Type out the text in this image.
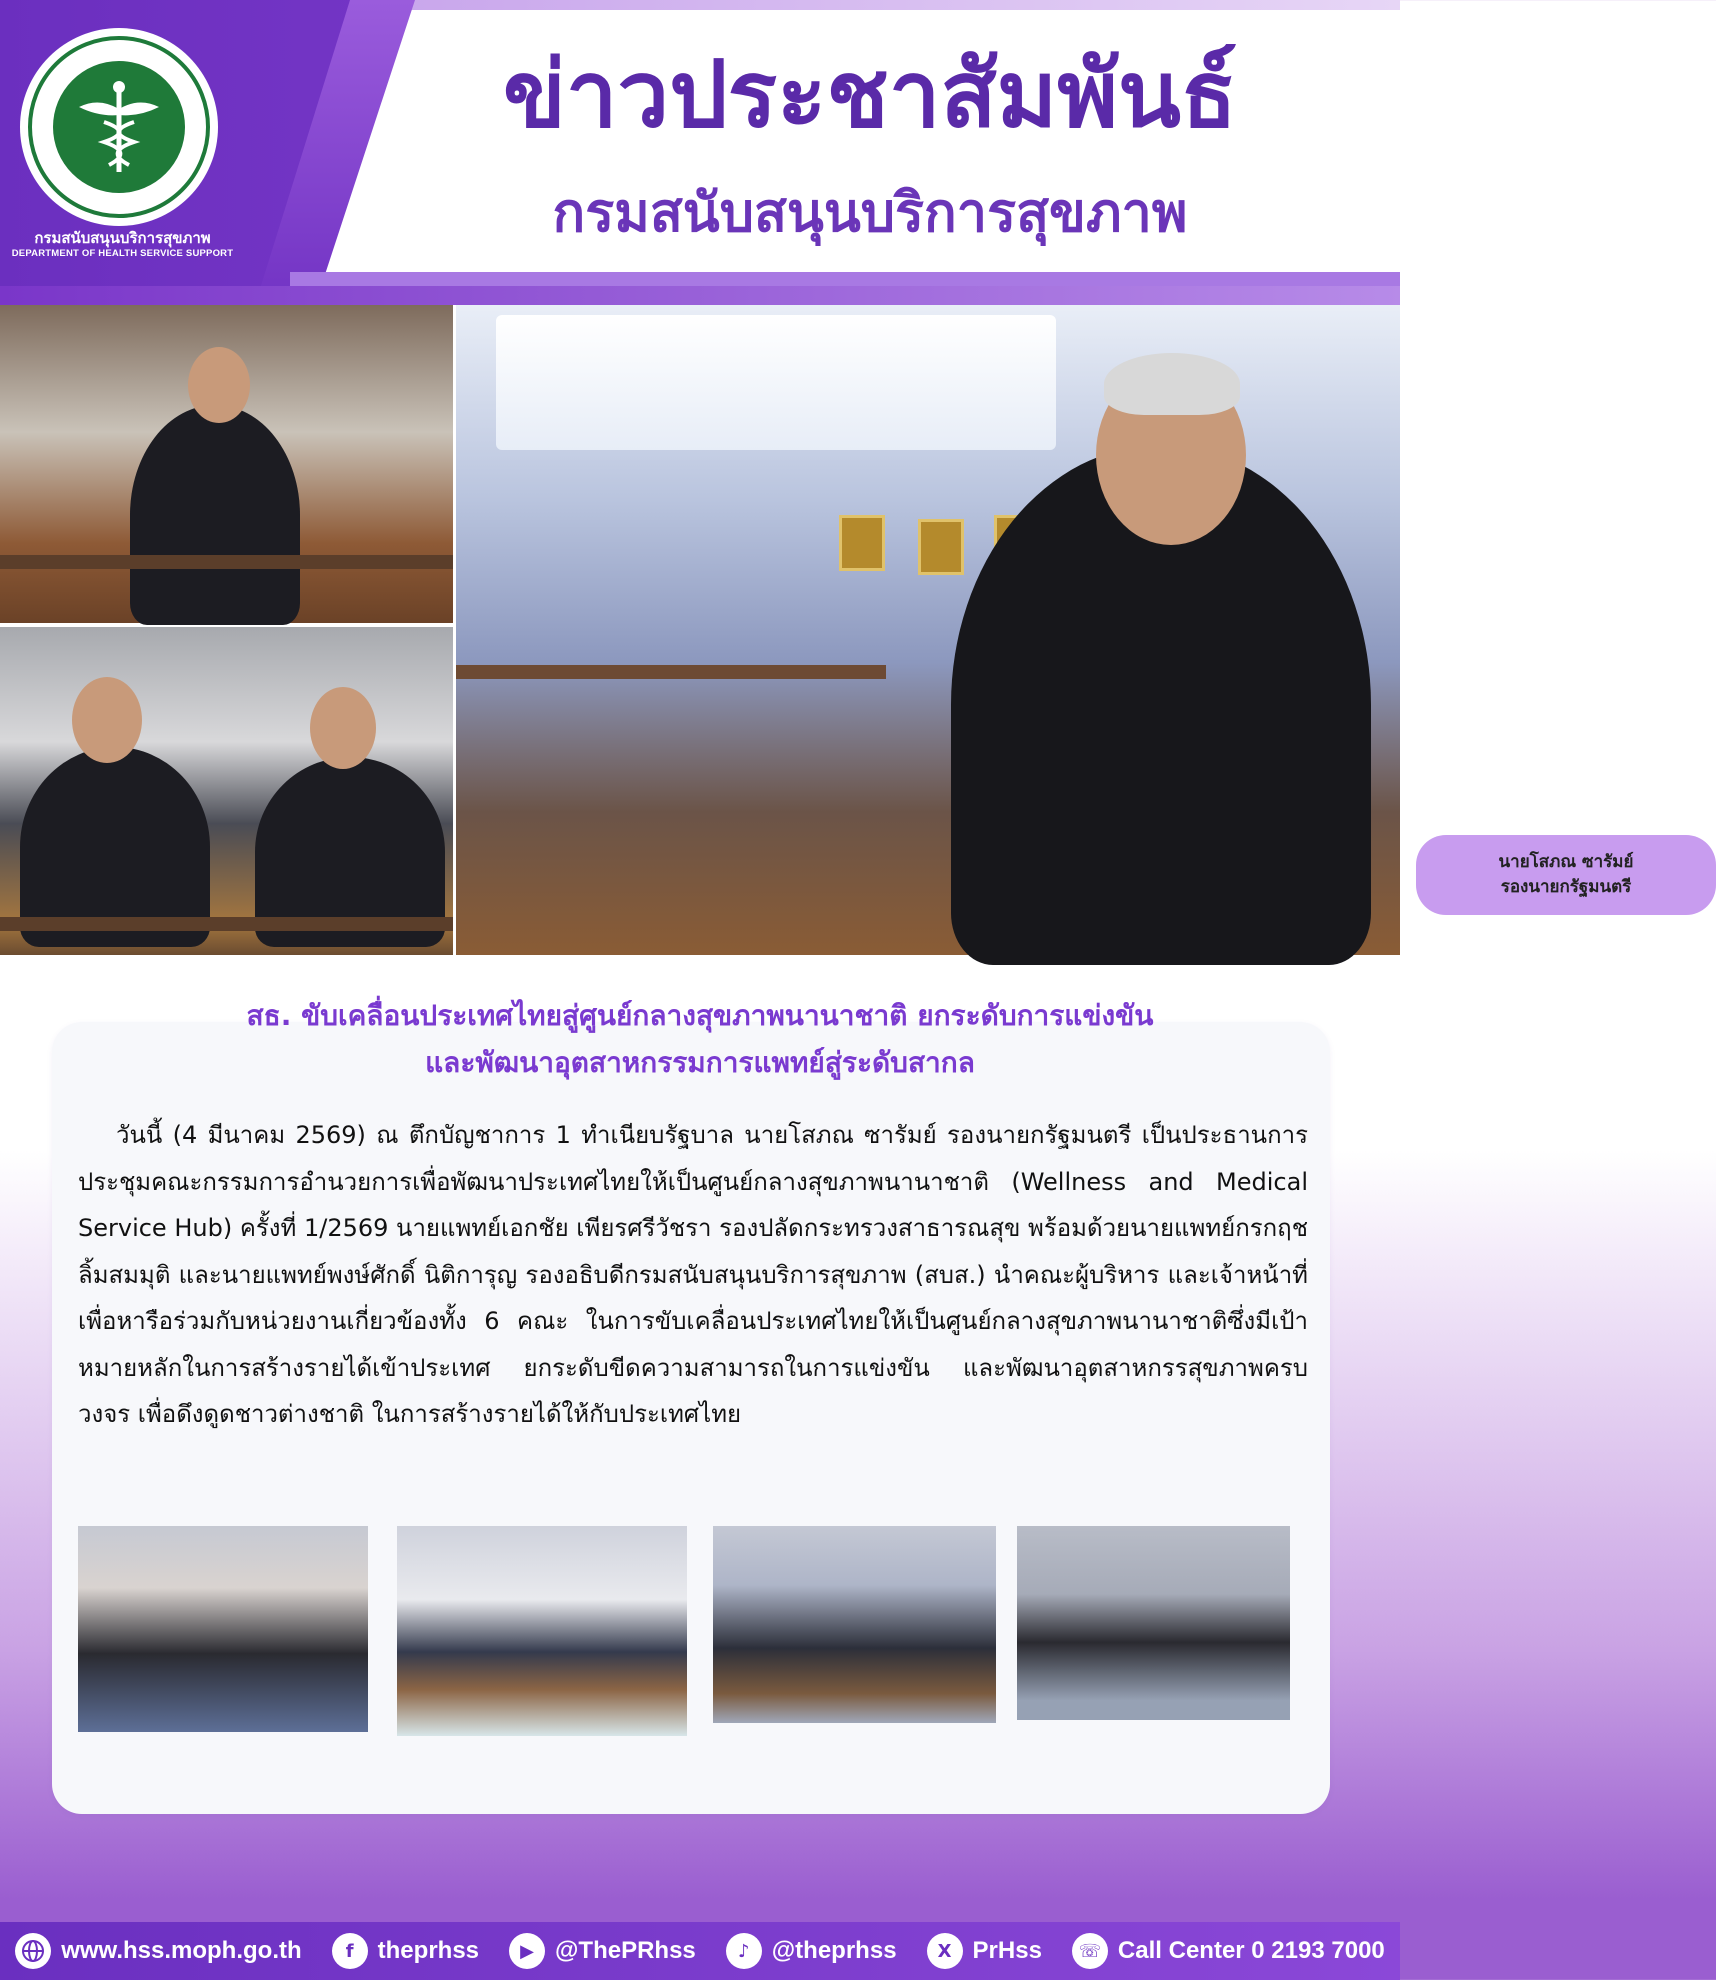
กรมสนับสนุนบริการสุขภาพ
DEPARTMENT OF HEALTH SERVICE SUPPORT
ข่าวประชาสัมพันธ์
กรมสนับสนุนบริการสุขภาพ
นายโสภณ ซารัมย์
รองนายกรัฐมนตรี
สธ. ขับเคลื่อนประเทศไทยสู่ศูนย์กลางสุขภาพนานาชาติ ยกระดับการแข่งขัน
และพัฒนาอุตสาหกรรมการแพทย์สู่ระดับสากล
วันนี้ (4 มีนาคม 2569) ณ ตึกบัญชาการ 1 ทำเนียบรัฐบาล นายโสภณ ซารัมย์ รองนายกรัฐมนตรี เป็นประธานการประชุมคณะกรรมการอำนวยการเพื่อพัฒนาประเทศไทยให้เป็นศูนย์กลางสุขภาพนานาชาติ (Wellness and Medical Service Hub) ครั้งที่ 1/2569 นายแพทย์เอกชัย เพียรศรีวัชรา รองปลัดกระทรวงสาธารณสุข พร้อมด้วยนายแพทย์กรกฤช ลิ้มสมมุติ และนายแพทย์พงษ์ศักดิ์ นิติการุญ รองอธิบดีกรมสนับสนุนบริการสุขภาพ (สบส.) นำคณะผู้บริหาร และเจ้าหน้าที่ เพื่อหารือร่วมกับหน่วยงานเกี่ยวข้องทั้ง 6 คณะ ในการขับเคลื่อนประเทศไทยให้เป็นศูนย์กลางสุขภาพนานาชาติซึ่งมีเป้าหมายหลักในการสร้างรายได้เข้าประเทศ ยกระดับขีดความสามารถในการแข่งขัน และพัฒนาอุตสาหกรรสุขภาพครบวงจร เพื่อดึงดูดชาวต่างชาติ ในการสร้างรายได้ให้กับประเทศไทย
www.hss.moph.go.th	f	theprhss	▶ @ThePRhss	♪ @theprhss	X PrHss	☏ Call Center 0 2193 7000
